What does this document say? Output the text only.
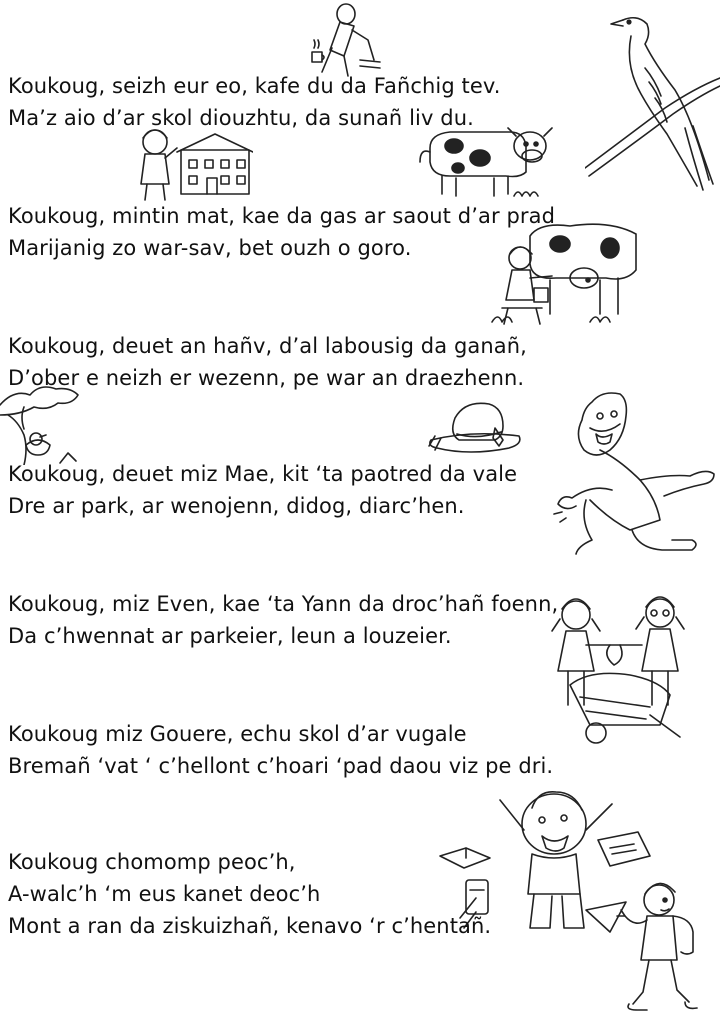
Koukoug, seizh eur eo, kafe du da Fañchig tev.
Ma’z aio d’ar skol diouzhtu, da sunañ liv du.
Koukoug, mintin mat, kae da gas ar saout d’ar prad
Marijanig zo war-sav, bet ouzh o goro.
Koukoug, deuet an hañv, d’al labousig da ganañ,
D’ober e neizh er wezenn, pe war an draezhenn.
Koukoug, deuet miz Mae, kit ‘ta paotred da vale
Dre ar park, ar wenojenn, didog, diarc’hen.
Koukoug, miz Even, kae ‘ta Yann da droc’hañ foenn,
Da c’hwennat ar parkeier, leun a louzeier.
Koukoug miz Gouere, echu skol d’ar vugale
Bremañ ‘vat ‘ c’hellont c’hoari ‘pad daou viz pe dri.
Koukoug chomomp peoc’h,
A-walc’h ‘m eus kanet deoc’h
Mont a ran da ziskuizhañ, kenavo ‘r c’hentañ.
